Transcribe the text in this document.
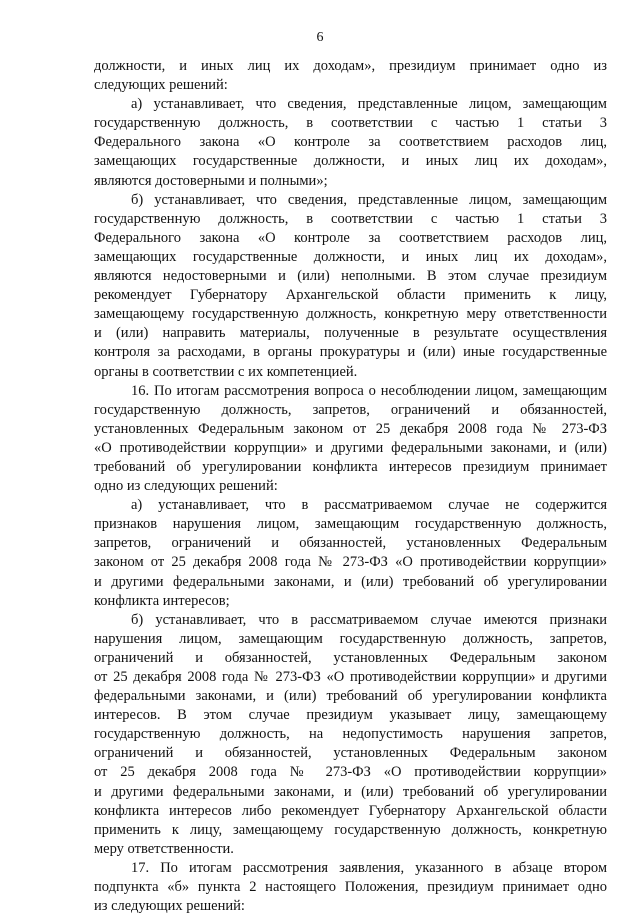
6
должности, и иных лиц их доходам», президиум принимает одно из
следующих решений:
а) устанавливает, что сведения, представленные лицом, замещающим
государственную должность, в соответствии с частью 1 статьи 3
Федерального закона «О контроле за соответствием расходов лиц,
замещающих государственные должности, и иных лиц их доходам»,
являются достоверными и полными»;
б) устанавливает, что сведения, представленные лицом, замещающим
государственную должность, в соответствии с частью 1 статьи 3
Федерального закона «О контроле за соответствием расходов лиц,
замещающих государственные должности, и иных лиц их доходам»,
являются недостоверными и (или) неполными. В этом случае президиум
рекомендует Губернатору Архангельской области применить к лицу,
замещающему государственную должность, конкретную меру ответственности
и (или) направить материалы, полученные в результате осуществления
контроля за расходами, в органы прокуратуры и (или) иные государственные
органы в соответствии с их компетенцией.
16. По итогам рассмотрения вопроса о несоблюдении лицом, замещающим
государственную должность, запретов, ограничений и обязанностей,
установленных Федеральным законом от 25 декабря 2008 года № 273-ФЗ
«О противодействии коррупции» и другими федеральными законами, и (или)
требований об урегулировании конфликта интересов президиум принимает
одно из следующих решений:
а) устанавливает, что в рассматриваемом случае не содержится
признаков нарушения лицом, замещающим государственную должность,
запретов, ограничений и обязанностей, установленных Федеральным
законом от 25 декабря 2008 года № 273-ФЗ «О противодействии коррупции»
и другими федеральными законами, и (или) требований об урегулировании
конфликта интересов;
б) устанавливает, что в рассматриваемом случае имеются признаки
нарушения лицом, замещающим государственную должность, запретов,
ограничений и обязанностей, установленных Федеральным законом
от 25 декабря 2008 года № 273-ФЗ «О противодействии коррупции» и другими
федеральными законами, и (или) требований об урегулировании конфликта
интересов. В этом случае президиум указывает лицу, замещающему
государственную должность, на недопустимость нарушения запретов,
ограничений и обязанностей, установленных Федеральным законом
от 25 декабря 2008 года № 273-ФЗ «О противодействии коррупции»
и другими федеральными законами, и (или) требований об урегулировании
конфликта интересов либо рекомендует Губернатору Архангельской области
применить к лицу, замещающему государственную должность, конкретную
меру ответственности.
17. По итогам рассмотрения заявления, указанного в абзаце втором
подпункта «б» пункта 2 настоящего Положения, президиум принимает одно
из следующих решений:
